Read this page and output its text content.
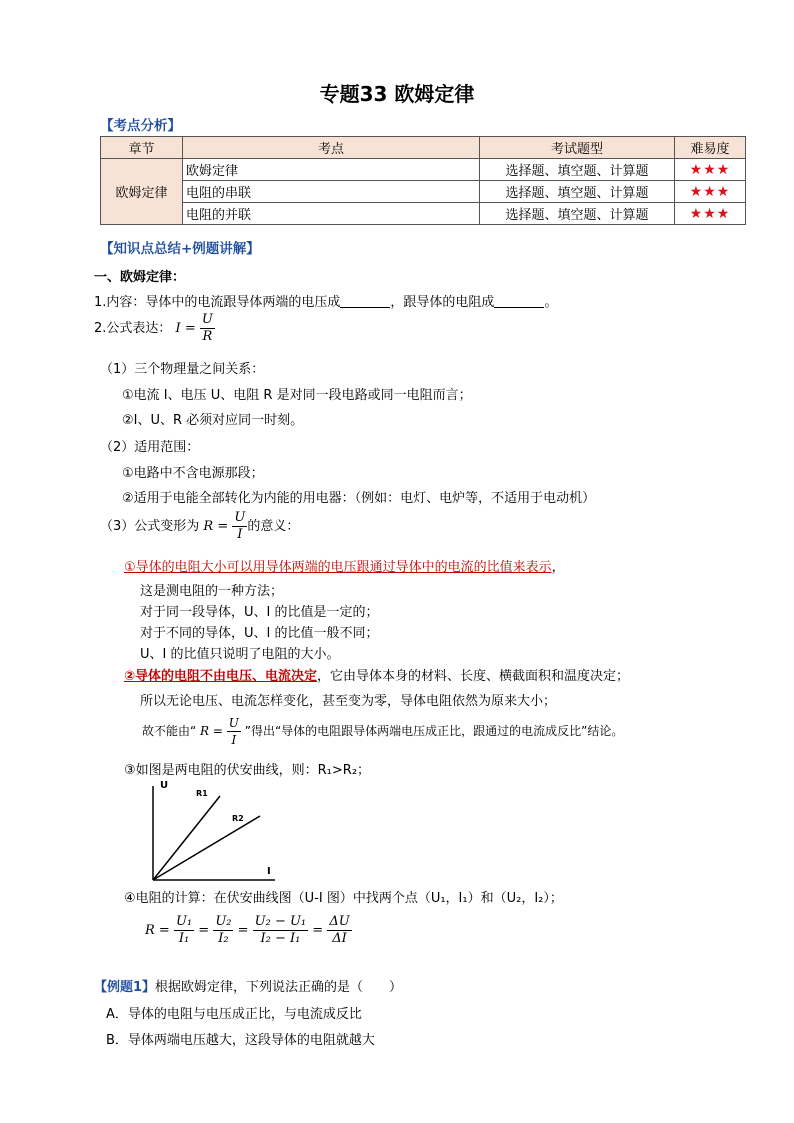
专题33 欧姆定律
【考点分析】
章节	考点	考试题型	难易度
欧姆定律	欧姆定律	选择题、填空题、计算题	★★★
	电阻的串联	选择题、填空题、计算题	★★★
	电阻的并联	选择题、填空题、计算题	★★★
【知识点总结+例题讲解】
一、欧姆定律：
1.内容：导体中的电流跟导体两端的电压成	，跟导体的电阻成	。
2.公式表达： $I = \frac{U}{R}$
（1）三个物理量之间关系：
①电流 I、电压 U、电阻 R 是对同一段电路或同一电阻而言；
②I、U、R 必须对应同一时刻。
（2）适用范围：
①电路中不含电源那段；
②适用于电能全部转化为内能的用电器：（例如：电灯、电炉等，不适用于电动机）
（3）公式变形为 $R = \frac{U}{I}$ 的意义：
①导体的电阻大小可以用导体两端的电压跟通过导体中的电流的比值来表示，
这是测电阻的一种方法；
对于同一段导体，U、I 的比值是一定的；
对于不同的导体，U、I 的比值一般不同；
U、I 的比值只说明了电阻的大小。
②导体的电阻不由电压、电流决定，它由导体本身的材料、长度、横截面积和温度决定；
所以无论电压、电流怎样变化，甚至变为零，导体电阻依然为原来大小；
故不能由“ $R = \frac{U}{I}$ ”得出“导体的电阻跟导体两端电压成正比，跟通过的电流成反比”结论。
③如图是两电阻的伏安曲线，则：R₁>R₂；
U
I
R1
R2
④电阻的计算：在伏安曲线图（U-I 图）中找两个点（U₁，I₁）和（U₂，I₂）；
$R = \frac{\text{U₁}}{\text{I₁}} = \frac{\text{U₂}}{\text{I₂}} = \frac{\text{U₂ − U₁}}{\text{I₂ − I₁}} = \frac{\Delta U}{\Delta I}$
【例题1】根据欧姆定律，下列说法正确的是（　　）
A．导体的电阻与电压成正比，与电流成反比
B．导体两端电压越大，这段导体的电阻就越大
